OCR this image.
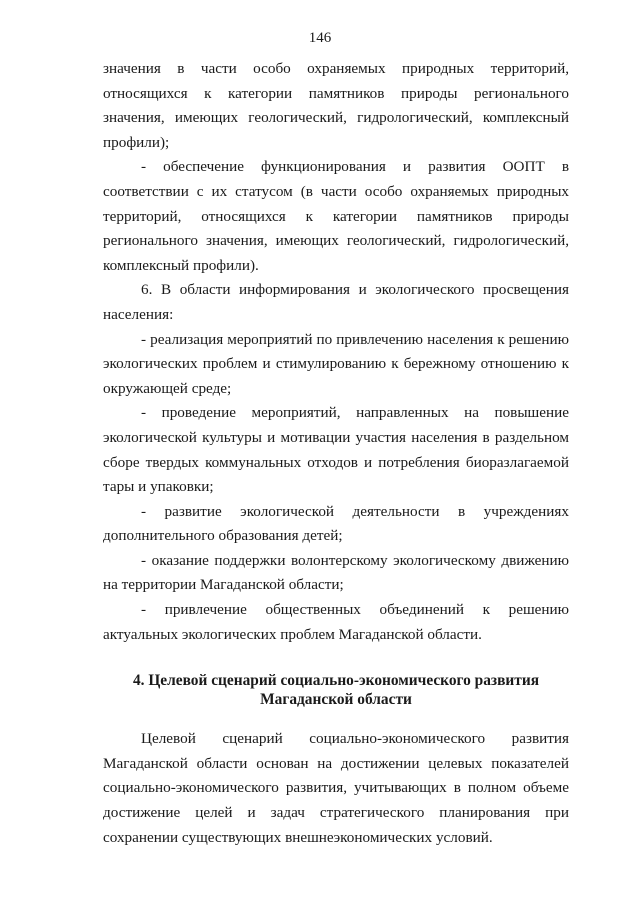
146

значения в части особо охраняемых природных территорий, относящихся к категории памятников природы регионального значения, имеющих геологический, гидрологический, комплексный профили);

- обеспечение функционирования и развития ООПТ в соответствии с их статусом (в части особо охраняемых природных территорий, относящихся к категории памятников природы регионального значения, имеющих геологический, гидрологический, комплексный профили).

6. В области информирования и экологического просвещения населения:

- реализация мероприятий по привлечению населения к решению экологических проблем и стимулированию к бережному отношению к окружающей среде;

- проведение мероприятий, направленных на повышение экологической культуры и мотивации участия населения в раздельном сборе твердых коммунальных отходов и потребления биоразлагаемой тары и упаковки;

- развитие экологической деятельности в учреждениях дополнительного образования детей;

- оказание поддержки волонтерскому экологическому движению на территории Магаданской области;

- привлечение общественных объединений к решению актуальных экологических проблем Магаданской области.

4. Целевой сценарий социально-экономического развития Магаданской области

Целевой сценарий социально-экономического развития Магаданской области основан на достижении целевых показателей социально-экономического развития, учитывающих в полном объеме достижение целей и задач стратегического планирования при сохранении существующих внешнеэкономических условий.
